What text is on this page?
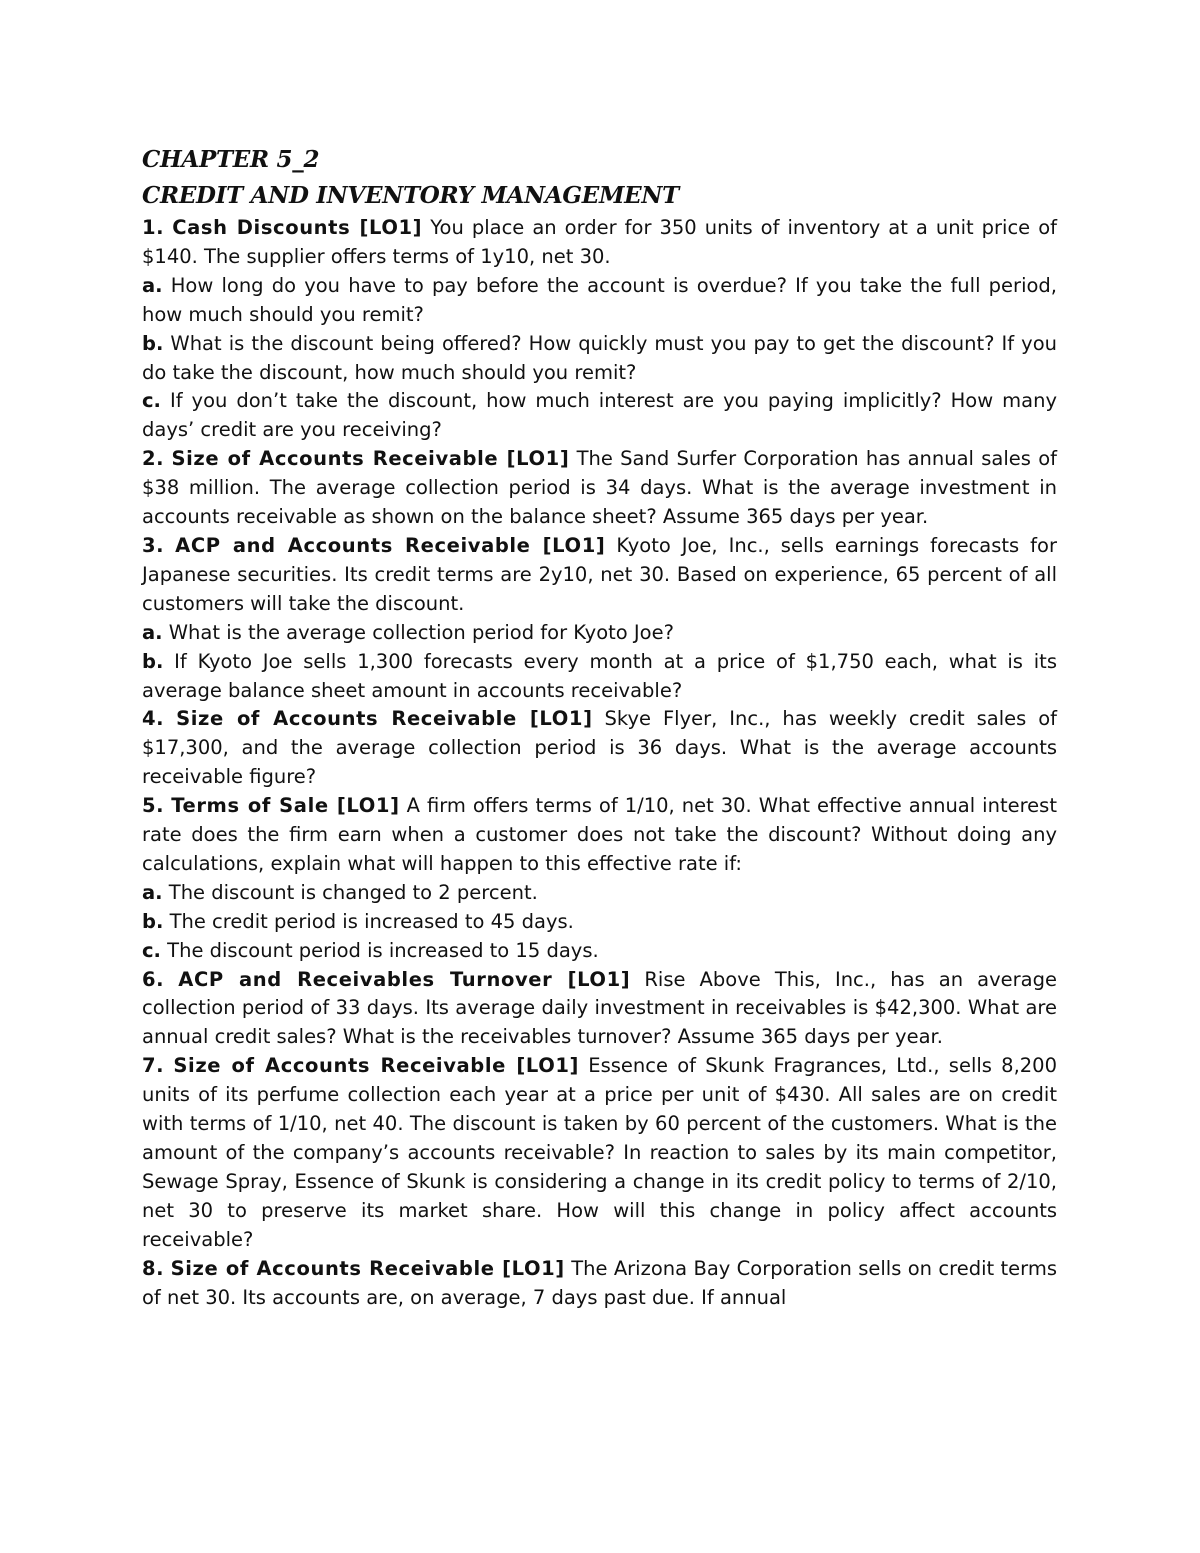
CHAPTER 5_2

CREDIT AND INVENTORY MANAGEMENT

1. Cash Discounts [LO1] You place an order for 350 units of inventory at a unit price of $140. The supplier offers terms of 1y10, net 30.

a. How long do you have to pay before the account is overdue? If you take the full period, how much should you remit?

b. What is the discount being offered? How quickly must you pay to get the discount? If you do take the discount, how much should you remit?

c. If you don’t take the discount, how much interest are you paying implicitly? How many days’ credit are you receiving?

2. Size of Accounts Receivable [LO1] The Sand Surfer Corporation has annual sales of $38 million. The average collection period is 34 days. What is the average investment in accounts receivable as shown on the balance sheet? Assume 365 days per year.

3. ACP and Accounts Receivable [LO1] Kyoto Joe, Inc., sells earnings forecasts for Japanese securities. Its credit terms are 2y10, net 30. Based on experience, 65 percent of all customers will take the discount.

a. What is the average collection period for Kyoto Joe?

b. If Kyoto Joe sells 1,300 forecasts every month at a price of $1,750 each, what is its average balance sheet amount in accounts receivable?

4. Size of Accounts Receivable [LO1] Skye Flyer, Inc., has weekly credit sales of $17,300, and the average collection period is 36 days. What is the average accounts receivable figure?

5. Terms of Sale [LO1] A firm offers terms of 1/10, net 30. What effective annual interest rate does the firm earn when a customer does not take the discount? Without doing any calculations, explain what will happen to this effective rate if:

a. The discount is changed to 2 percent.

b. The credit period is increased to 45 days.

c. The discount period is increased to 15 days.

6. ACP and Receivables Turnover [LO1] Rise Above This, Inc., has an average collection period of 33 days. Its average daily investment in receivables is $42,300. What are annual credit sales? What is the receivables turnover? Assume 365 days per year.

7. Size of Accounts Receivable [LO1] Essence of Skunk Fragrances, Ltd., sells 8,200 units of its perfume collection each year at a price per unit of $430. All sales are on credit with terms of 1/10, net 40. The discount is taken by 60 percent of the customers. What is the amount of the company’s accounts receivable? In reaction to sales by its main competitor, Sewage Spray, Essence of Skunk is considering a change in its credit policy to terms of 2/10, net 30 to preserve its market share. How will this change in policy affect accounts receivable?

8. Size of Accounts Receivable [LO1] The Arizona Bay Corporation sells on credit terms of net 30. Its accounts are, on average, 7 days past due. If annual
